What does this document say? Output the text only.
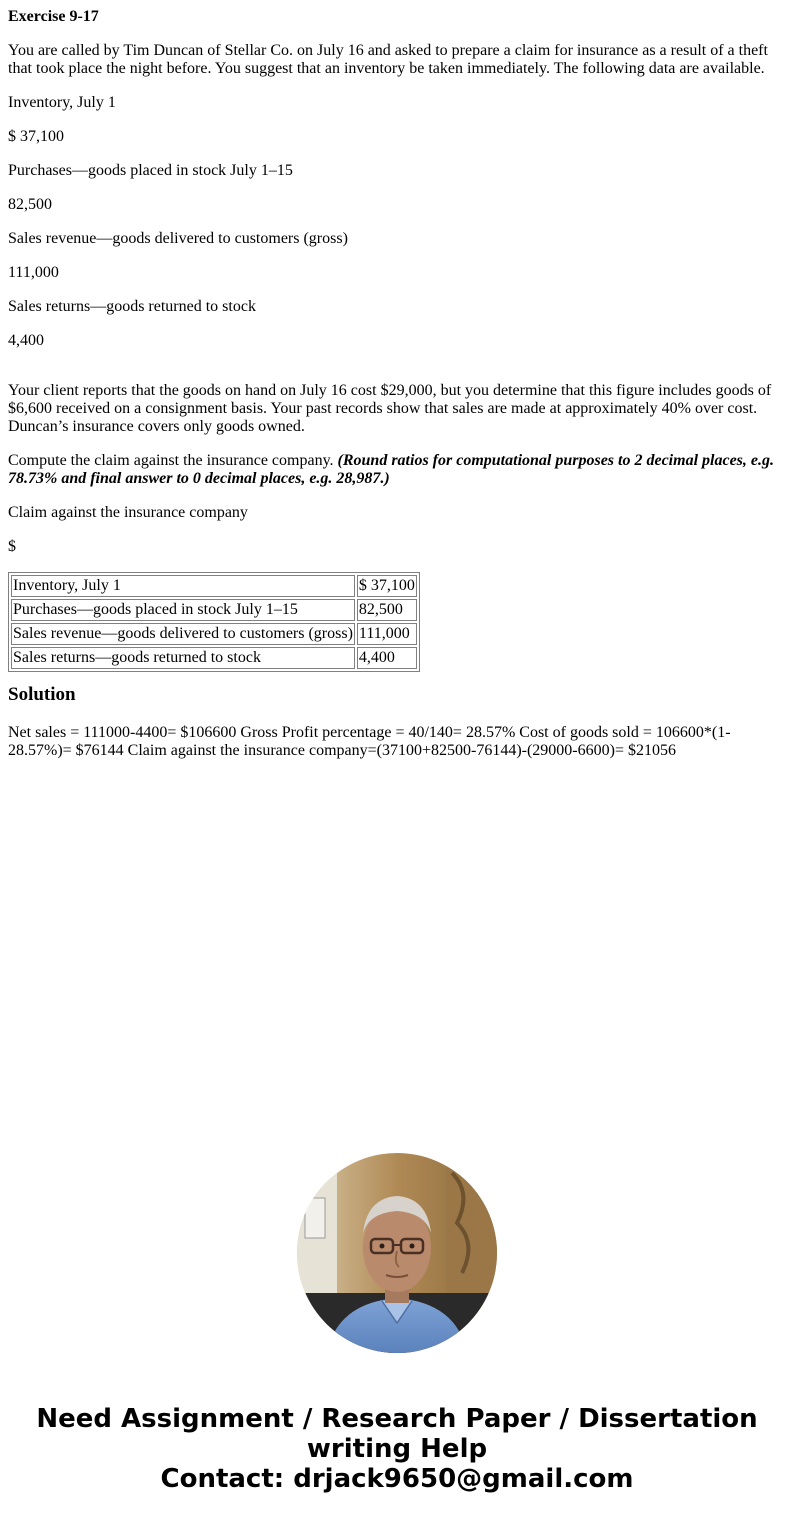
Exercise 9-17

You are called by Tim Duncan of Stellar Co. on July 16 and asked to prepare a claim for insurance as a result of a theft that took place the night before. You suggest that an inventory be taken immediately. The following data are available.

Inventory, July 1

$ 37,100

Purchases—goods placed in stock July 1–15

82,500

Sales revenue—goods delivered to customers (gross)

111,000

Sales returns—goods returned to stock

4,400

Your client reports that the goods on hand on July 16 cost $29,000, but you determine that this figure includes goods of $6,600 received on a consignment basis. Your past records show that sales are made at approximately 40% over cost. Duncan’s insurance covers only goods owned.

Compute the claim against the insurance company. (Round ratios for computational purposes to 2 decimal places, e.g. 78.73% and final answer to 0 decimal places, e.g. 28,987.)

Claim against the insurance company

$

Inventory, July 1	$ 37,100
Purchases—goods placed in stock July 1–15	82,500
Sales revenue—goods delivered to customers (gross)	111,000
Sales returns—goods returned to stock	4,400
Solution

Net sales = 111000-4400= $106600 Gross Profit percentage = 40/140= 28.57% Cost of goods sold = 106600*(1-28.57%)= $76144 Claim against the insurance company=(37100+82500-76144)-(29000-6600)= $21056

Need Assignment / Research Paper / Dissertation
writing Help
Contact: drjack9650@gmail.com
